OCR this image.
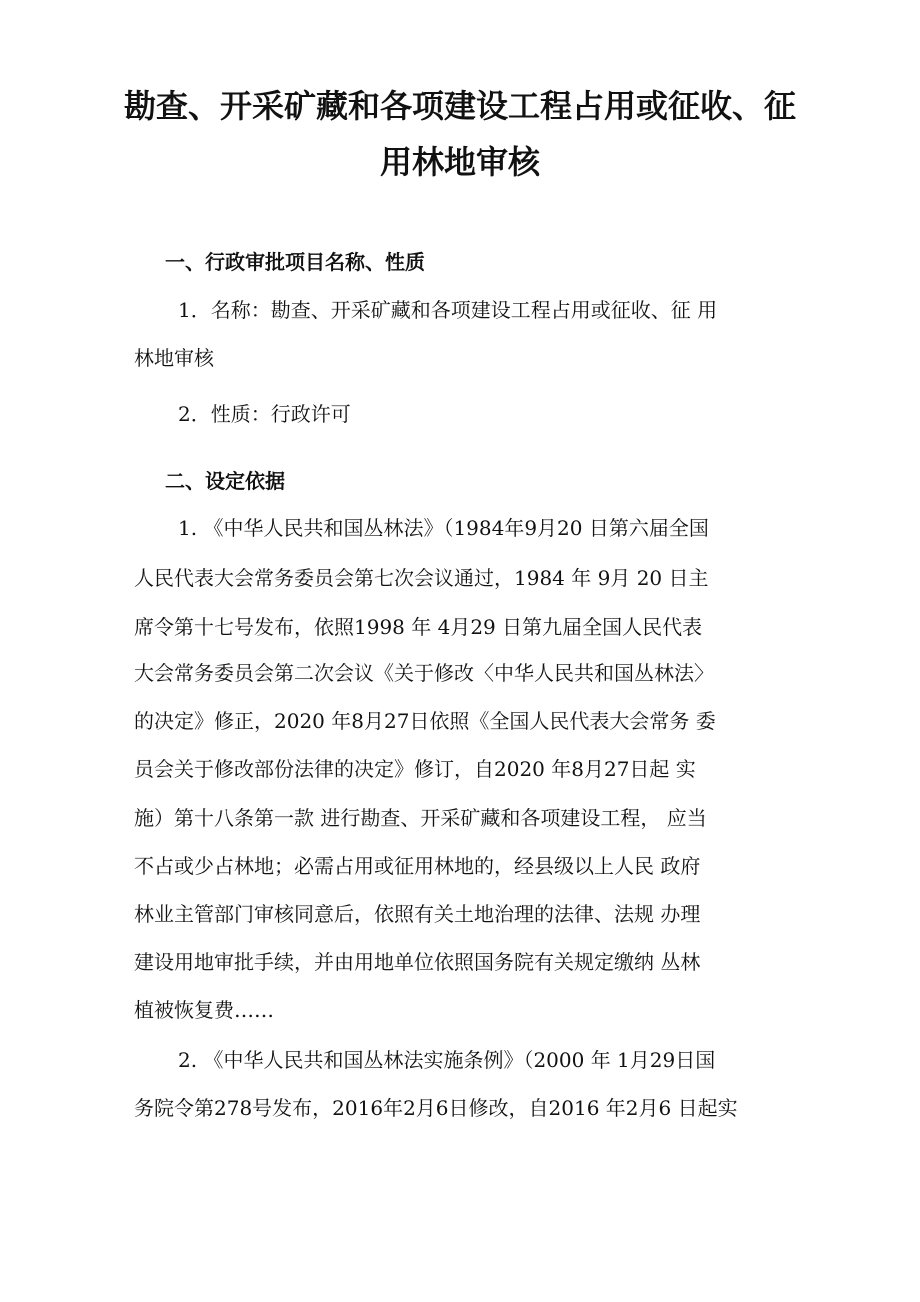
勘查、开采矿藏和各项建设工程占用或征收、征
用林地审核
一、行政审批项目名称、性质

1．名称：勘查、开采矿藏和各项建设工程占用或征收、征 用

林地审核

2．性质：行政许可

二、设定依据

1. 《中华人民共和国丛林法》（1984年9月20 日第六届全国

人民代表大会常务委员会第七次会议通过，1984 年 9月 20 日主

席令第十七号发布，依照1998 年 4月29 日第九届全国人民代表

大会常务委员会第二次会议《关于修改〈中华人民共和国丛林法〉

的决定》修正，2020 年8月27日依照《全国人民代表大会常务 委

员会关于修改部份法律的决定》修订，自2020 年8月27日起 实

施）第十八条第一款 进行勘查、开采矿藏和各项建设工程， 应当

不占或少占林地；必需占用或征用林地的，经县级以上人民 政府

林业主管部门审核同意后，依照有关土地治理的法律、法规 办理

建设用地审批手续，并由用地单位依照国务院有关规定缴纳 丛林

植被恢复费……

2. 《中华人民共和国丛林法实施条例》（2000 年 1月29日国

务院令第278号发布，2016年2月6日修改，自2016 年2月6 日起实
